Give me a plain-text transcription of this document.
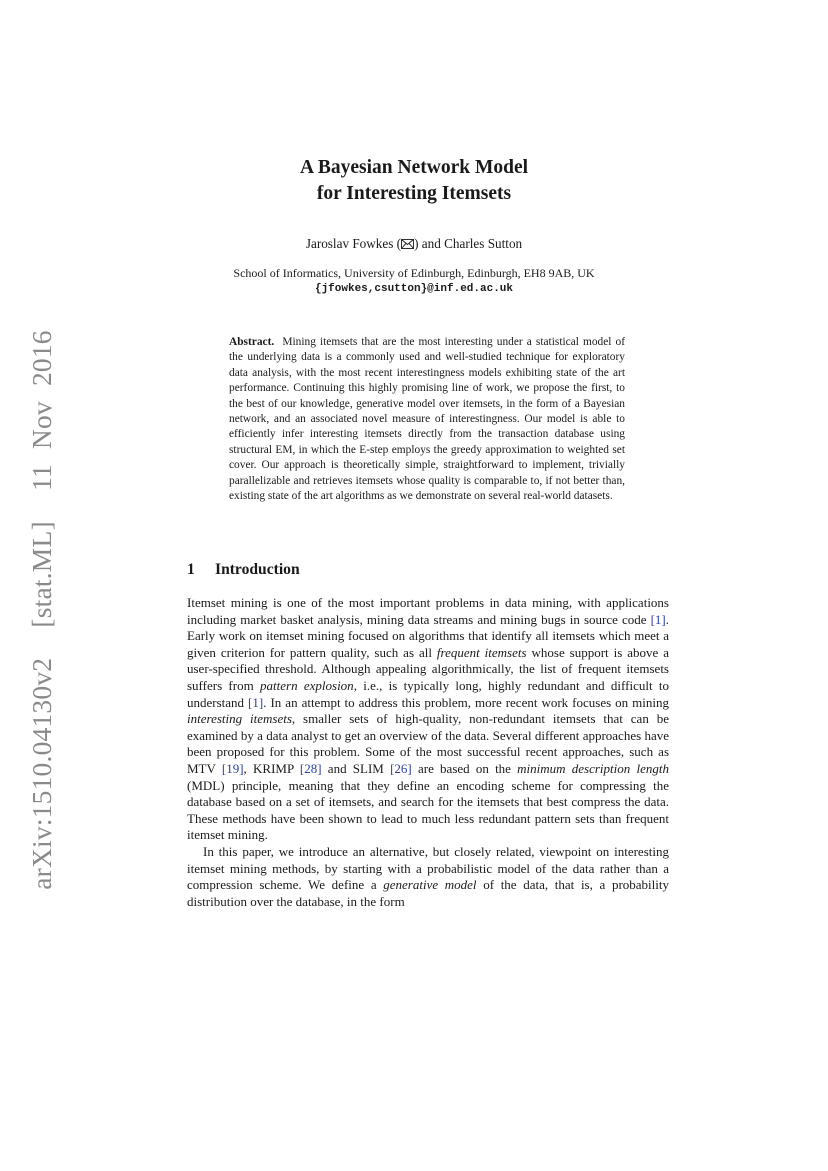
arXiv:1510.04130v2  [stat.ML]  11 Nov 2016
A Bayesian Network Model
for Interesting Itemsets
Jaroslav Fowkes ( ) and Charles Sutton
School of Informatics, University of Edinburgh, Edinburgh, EH8 9AB, UK
{jfowkes,csutton}@inf.ed.ac.uk
Abstract. Mining itemsets that are the most interesting under a statistical model of the underlying data is a commonly used and well-studied technique for exploratory data analysis, with the most recent interestingness models exhibiting state of the art performance. Continuing this highly promising line of work, we propose the first, to the best of our knowledge, generative model over itemsets, in the form of a Bayesian network, and an associated novel measure of interestingness. Our model is able to efficiently infer interesting itemsets directly from the transaction database using structural EM, in which the E-step employs the greedy approximation to weighted set cover. Our approach is theoretically simple, straightforward to implement, trivially parallelizable and retrieves itemsets whose quality is comparable to, if not better than, existing state of the art algorithms as we demonstrate on several real-world datasets.
1 Introduction

Itemset mining is one of the most important problems in data mining, with applications including market basket analysis, mining data streams and mining bugs in source code [1]. Early work on itemset mining focused on algorithms that identify all itemsets which meet a given criterion for pattern quality, such as all frequent itemsets whose support is above a user-specified threshold. Although appealing algorithmically, the list of frequent itemsets suffers from pattern explosion, i.e., is typically long, highly redundant and difficult to understand [1]. In an attempt to address this problem, more recent work focuses on mining interesting itemsets, smaller sets of high-quality, non-redundant itemsets that can be examined by a data analyst to get an overview of the data. Several different approaches have been proposed for this problem. Some of the most successful recent approaches, such as MTV [19], KRIMP [28] and SLIM [26] are based on the minimum description length (MDL) principle, meaning that they define an encoding scheme for compressing the database based on a set of itemsets, and search for the itemsets that best compress the data. These methods have been shown to lead to much less redundant pattern sets than frequent itemset mining.

In this paper, we introduce an alternative, but closely related, viewpoint on interesting itemset mining methods, by starting with a probabilistic model of the data rather than a compression scheme. We define a generative model of the data, that is, a probability distribution over the database, in the form
